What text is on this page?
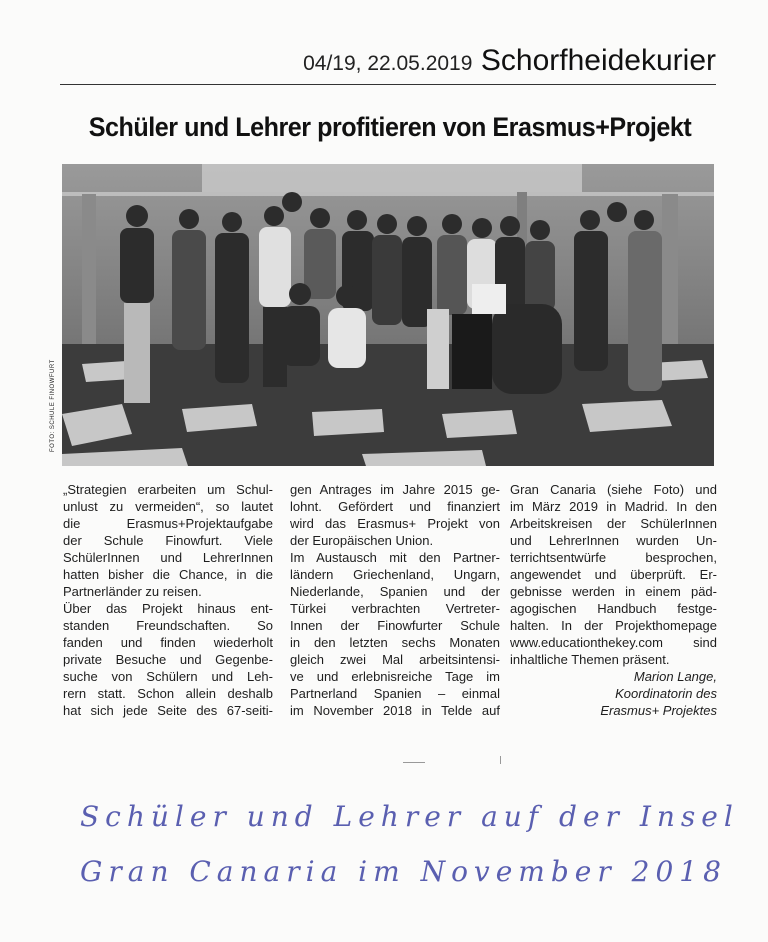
04/19, 22.05.2019 Schorfheidekurier
Schüler und Lehrer profitieren von Erasmus+Projekt
FOTO: SCHULE FINOWFURT

„Strategien erarbeiten um Schul-

unlust zu vermeiden“, so lautet

die Erasmus+Projektaufgabe

der Schule Finowfurt. Viele

SchülerInnen und LehrerInnen

hatten bisher die Chance, in die

Partnerländer zu reisen.

Über das Projekt hinaus ent-

standen Freundschaften. So

fanden und finden wiederholt

private Besuche und Gegenbe-

suche von Schülern und Leh-

rern statt. Schon allein deshalb

hat sich jede Seite des 67-seiti-

gen Antrages im Jahre 2015 ge-

lohnt. Gefördert und finanziert

wird das Erasmus+ Projekt von

der Europäischen Union.

Im Austausch mit den Partner-

ländern Griechenland, Ungarn,

Niederlande, Spanien und der

Türkei verbrachten Vertreter-

Innen der Finowfurter Schule

in den letzten sechs Monaten

gleich zwei Mal arbeitsintensi-

ve und erlebnisreiche Tage im

Partnerland Spanien – einmal

im November 2018 in Telde auf

Gran Canaria (siehe Foto) und

im März 2019 in Madrid. In den

Arbeitskreisen der SchülerInnen

und LehrerInnen wurden Un-

terrichtsentwürfe besprochen,

angewendet und überprüft. Er-

gebnisse werden in einem päd-

agogischen Handbuch festge-

halten. In der Projekthomepage

www.educationthekey.com sind

inhaltliche Themen präsent.

Marion Lange,

Koordinatorin des

Erasmus+ Projektes

Schüler und Lehrer auf der Insel
Gran Canaria im November 2018
